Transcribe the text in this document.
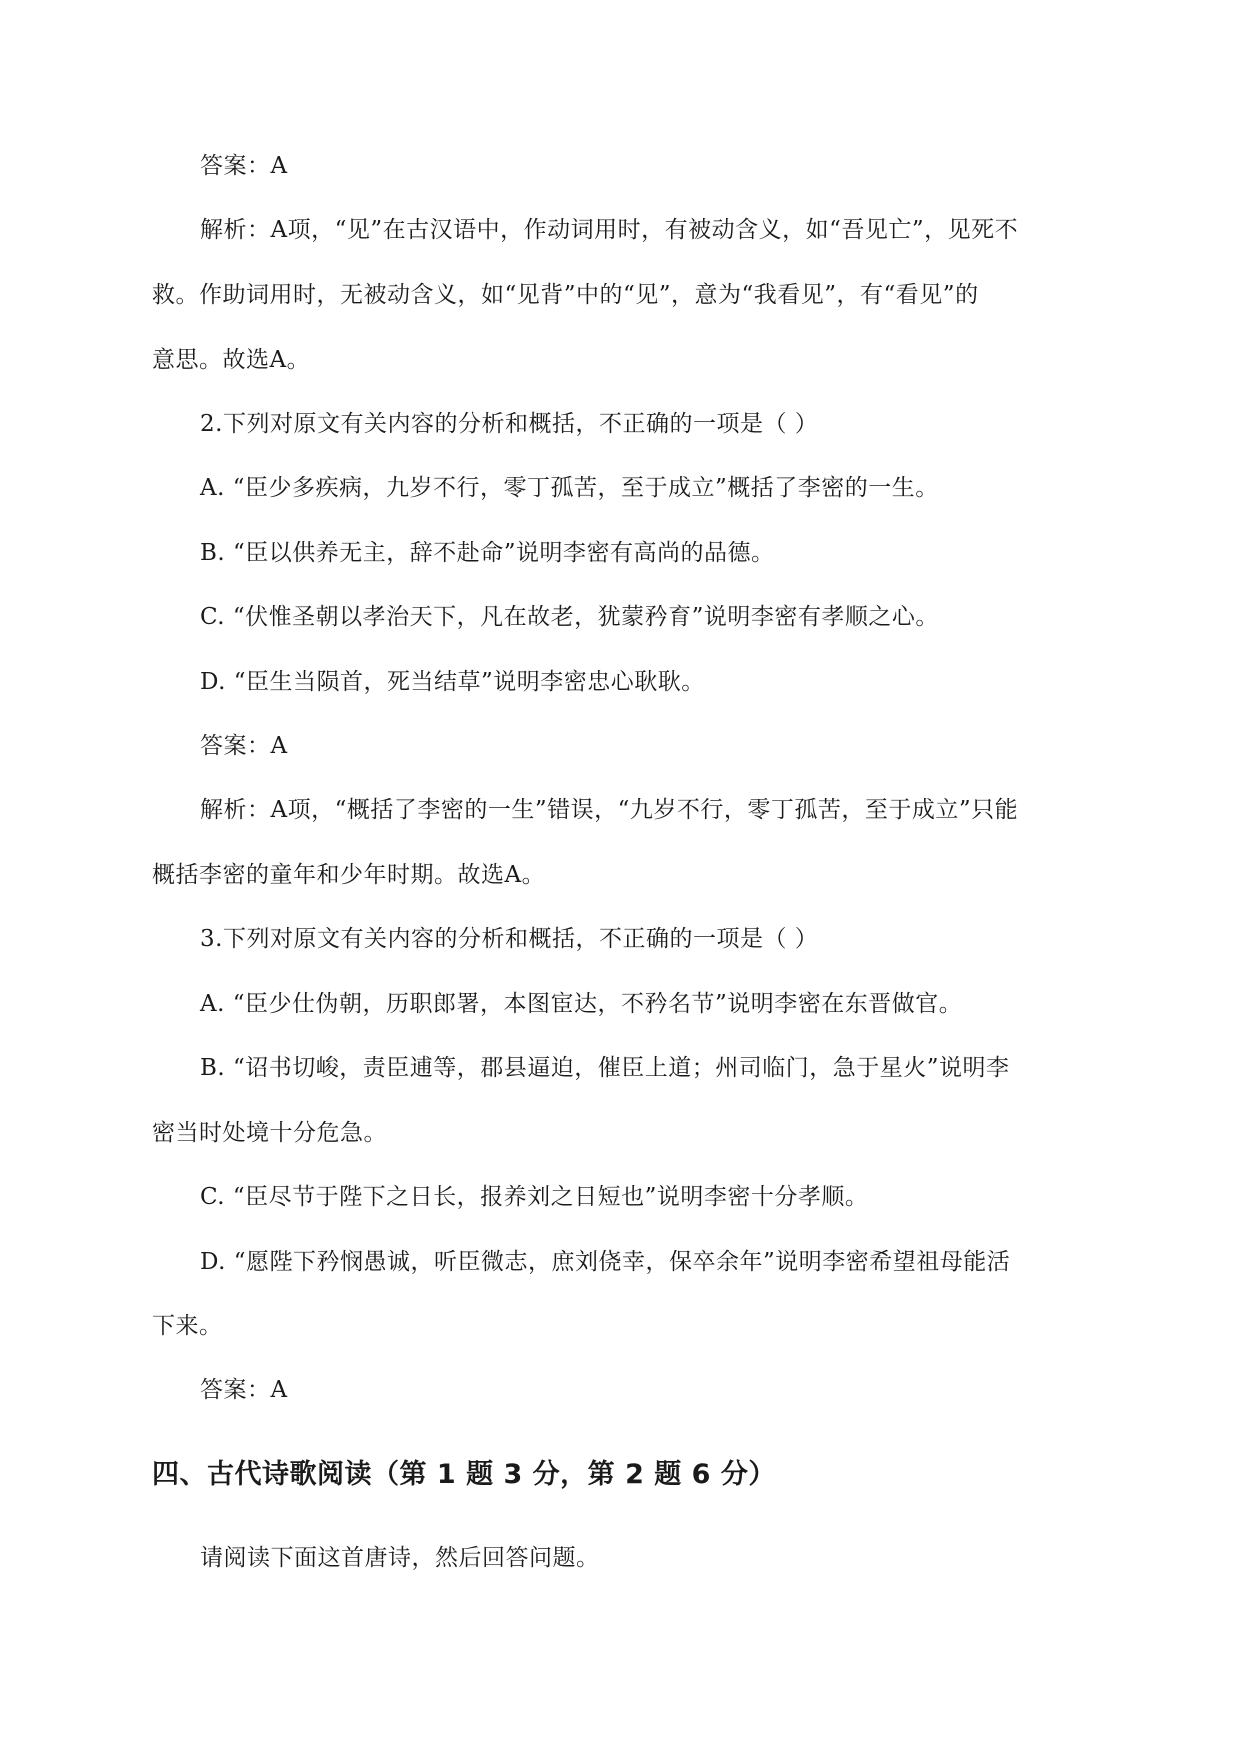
答案：A
解析：A项，“见”在古汉语中，作动词用时，有被动含义，如“吾见亡”，见死不
救。作助词用时，无被动含义，如“见背”中的“见”，意为“我看见”，有“看见”的
意思。故选A。
2.下列对原文有关内容的分析和概括，不正确的一项是（ ）
A. “臣少多疾病，九岁不行，零丁孤苦，至于成立”概括了李密的一生。
B. “臣以供养无主，辞不赴命”说明李密有高尚的品德。
C. “伏惟圣朝以孝治天下，凡在故老，犹蒙矜育”说明李密有孝顺之心。
D. “臣生当陨首，死当结草”说明李密忠心耿耿。
答案：A
解析：A项，“概括了李密的一生”错误，“九岁不行，零丁孤苦，至于成立”只能
概括李密的童年和少年时期。故选A。
3.下列对原文有关内容的分析和概括，不正确的一项是（ ）
A. “臣少仕伪朝，历职郎署，本图宦达，不矜名节”说明李密在东晋做官。
B. “诏书切峻，责臣逋等，郡县逼迫，催臣上道；州司临门，急于星火”说明李
密当时处境十分危急。
C. “臣尽节于陛下之日长，报养刘之日短也”说明李密十分孝顺。
D. “愿陛下矜悯愚诚，听臣微志，庶刘侥幸，保卒余年”说明李密希望祖母能活
下来。
答案：A
四、古代诗歌阅读（第 1 题 3 分，第 2 题 6 分）
请阅读下面这首唐诗，然后回答问题。
